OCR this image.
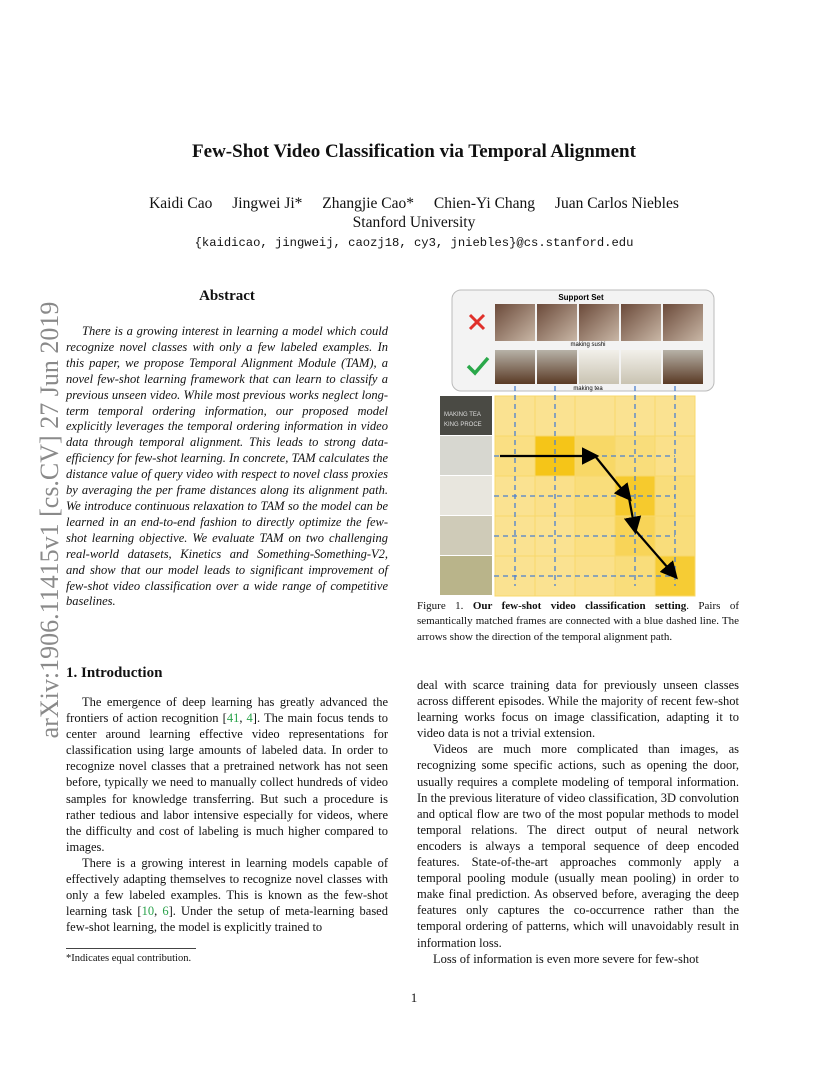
Few-Shot Video Classification via Temporal Alignment
Kaidi Cao Jingwei Ji* Zhangjie Cao* Chien-Yi Chang Juan Carlos Niebles
Stanford University
{kaidicao, jingweij, caozj18, cy3, jniebles}@cs.stanford.edu
arXiv:1906.11415v1 [cs.CV] 27 Jun 2019
Abstract
There is a growing interest in learning a model which could recognize novel classes with only a few labeled examples. In this paper, we propose Temporal Alignment Module (TAM), a novel few-shot learning framework that can learn to classify a previous unseen video. While most previous works neglect long-term temporal ordering information, our proposed model explicitly leverages the temporal ordering information in video data through temporal alignment. This leads to strong data-efficiency for few-shot learning. In concrete, TAM calculates the distance value of query video with respect to novel class proxies by averaging the per frame distances along its alignment path. We introduce continuous relaxation to TAM so the model can be learned in an end-to-end fashion to directly optimize the few-shot learning objective. We evaluate TAM on two challenging real-world datasets, Kinetics and Something-Something-V2, and show that our model leads to significant improvement of few-shot video classification over a wide range of competitive baselines.
Support Set
making sushi
making tea
MAKING TEA
KING PROCE
Figure 1. Our few-shot video classification setting. Pairs of semantically matched frames are connected with a blue dashed line. The arrows show the direction of the temporal alignment path.
1. Introduction

The emergence of deep learning has greatly advanced the frontiers of action recognition [41, 4]. The main focus tends to center around learning effective video representations for classification using large amounts of labeled data. In order to recognize novel classes that a pretrained network has not seen before, typically we need to manually collect hundreds of video samples for knowledge transferring. But such a procedure is rather tedious and labor intensive especially for videos, where the difficulty and cost of labeling is much higher compared to images.

There is a growing interest in learning models capable of effectively adapting themselves to recognize novel classes with only a few labeled examples. This is known as the few-shot learning task [10, 6]. Under the setup of meta-learning based few-shot learning, the model is explicitly trained to

deal with scarce training data for previously unseen classes across different episodes. While the majority of recent few-shot learning works focus on image classification, adapting it to video data is not a trivial extension.

Videos are much more complicated than images, as recognizing some specific actions, such as opening the door, usually requires a complete modeling of temporal information. In the previous literature of video classification, 3D convolution and optical flow are two of the most popular methods to model temporal relations. The direct output of neural network encoders is always a temporal sequence of deep encoded features. State-of-the-art approaches commonly apply a temporal pooling module (usually mean pooling) in order to make final prediction. As observed before, averaging the deep features only captures the co-occurrence rather than the temporal ordering of patterns, which will unavoidably result in information loss.

Loss of information is even more severe for few-shot

*Indicates equal contribution.
1
